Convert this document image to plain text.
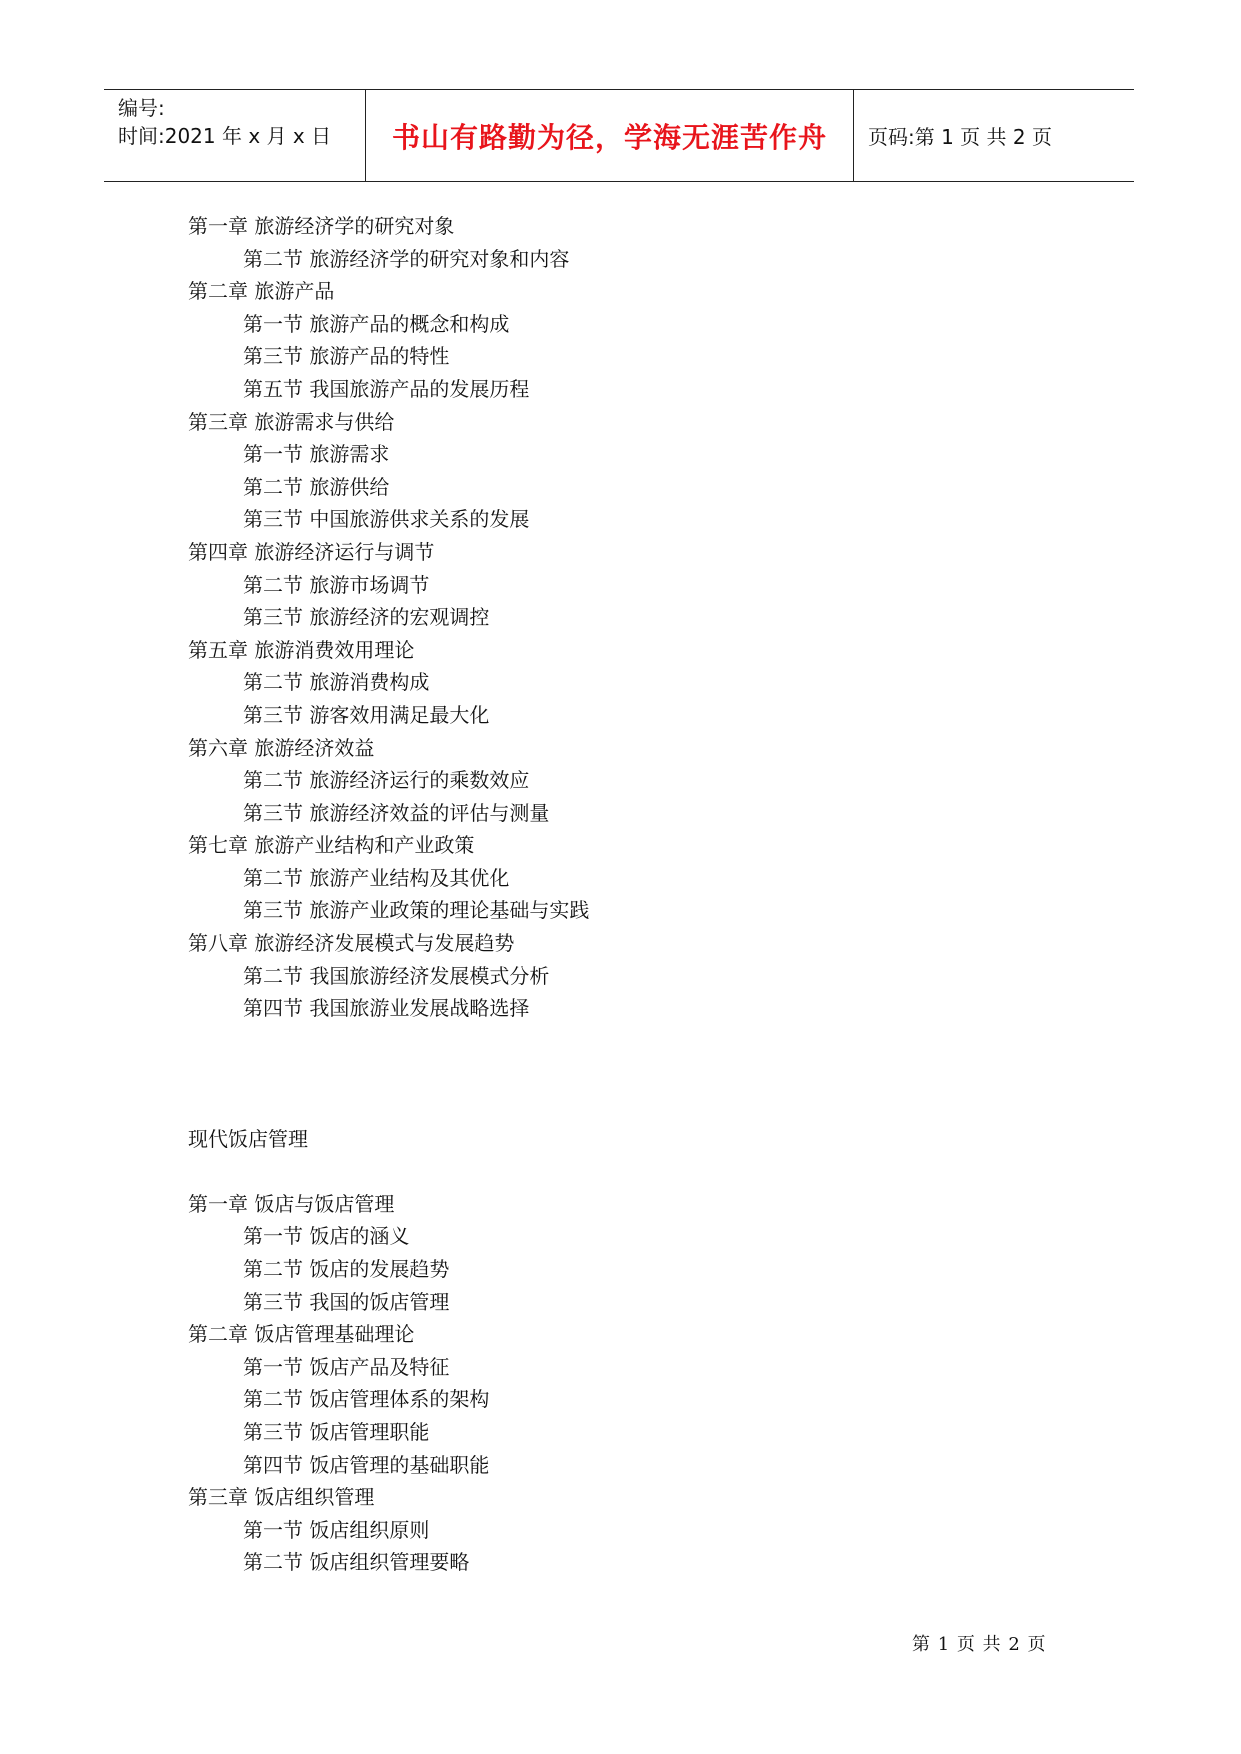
编号:
时间:2021 年 x 月 x 日	书山有路勤为径，学海无涯苦作舟 页码:第 1 页 共 2 页
第一章 旅游经济学的研究对象
第二节 旅游经济学的研究对象和内容
第二章 旅游产品
第一节 旅游产品的概念和构成
第三节 旅游产品的特性
第五节 我国旅游产品的发展历程
第三章 旅游需求与供给
第一节 旅游需求
第二节 旅游供给
第三节 中国旅游供求关系的发展
第四章 旅游经济运行与调节
第二节 旅游市场调节
第三节 旅游经济的宏观调控
第五章 旅游消费效用理论
第二节 旅游消费构成
第三节 游客效用满足最大化
第六章 旅游经济效益
第二节 旅游经济运行的乘数效应
第三节 旅游经济效益的评估与测量
第七章 旅游产业结构和产业政策
第二节 旅游产业结构及其优化
第三节 旅游产业政策的理论基础与实践
第八章 旅游经济发展模式与发展趋势
第二节 我国旅游经济发展模式分析
第四节 我国旅游业发展战略选择
现代饭店管理
第一章 饭店与饭店管理
第一节 饭店的涵义
第二节 饭店的发展趋势
第三节 我国的饭店管理
第二章 饭店管理基础理论
第一节 饭店产品及特征
第二节 饭店管理体系的架构
第三节 饭店管理职能
第四节 饭店管理的基础职能
第三章 饭店组织管理
第一节 饭店组织原则
第二节 饭店组织管理要略
第 1 页 共 2 页
